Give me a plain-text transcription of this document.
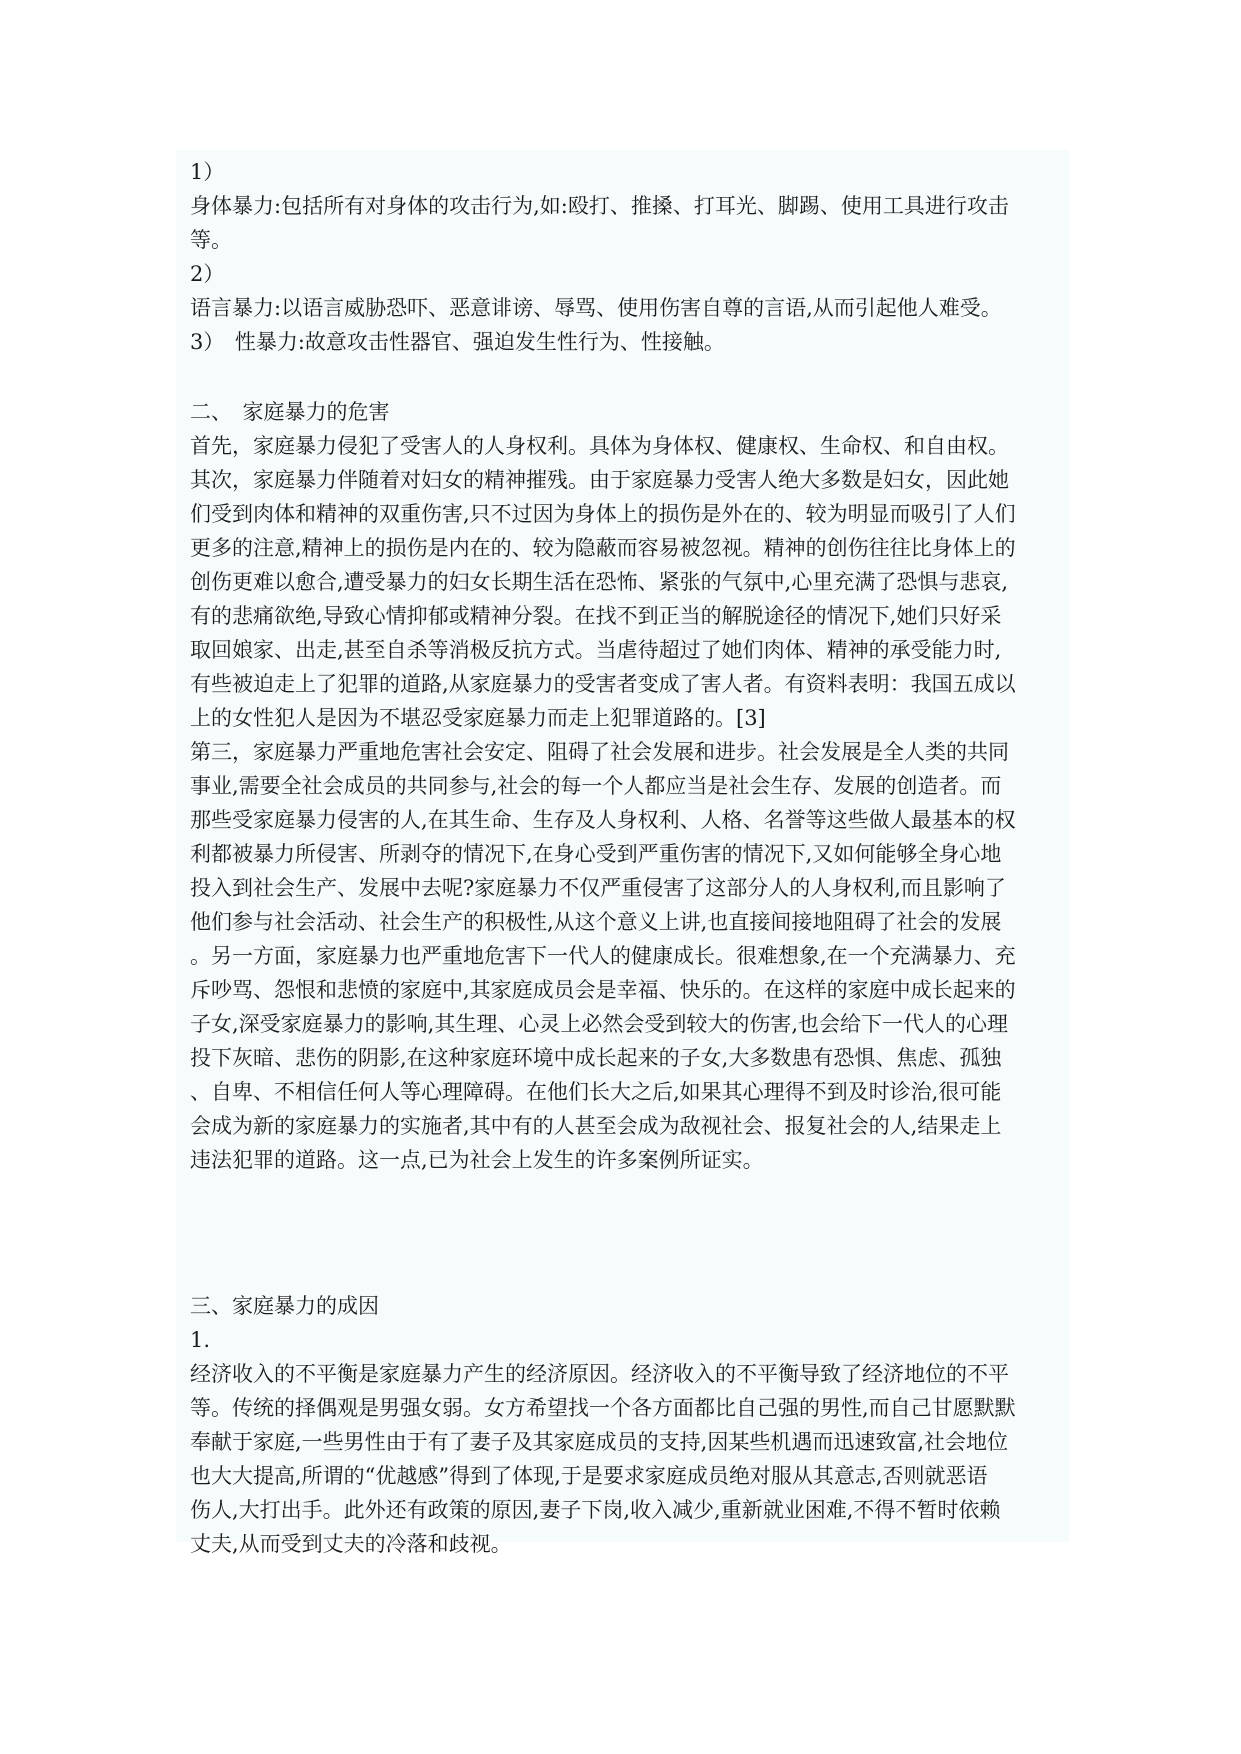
1）
身体暴力:包括所有对身体的攻击行为,如:殴打、推搡、打耳光、脚踢、使用工具进行攻击
等。
2）
语言暴力:以语言威胁恐吓、恶意诽谤、辱骂、使用伤害自尊的言语,从而引起他人难受。
3）　性暴力:故意攻击性器官、强迫发生性行为、性接触。
二、　家庭暴力的危害
首先，家庭暴力侵犯了受害人的人身权利。具体为身体权、健康权、生命权、和自由权。
其次，家庭暴力伴随着对妇女的精神摧残。由于家庭暴力受害人绝大多数是妇女，因此她
们受到肉体和精神的双重伤害,只不过因为身体上的损伤是外在的、较为明显而吸引了人们
更多的注意,精神上的损伤是内在的、较为隐蔽而容易被忽视。精神的创伤往往比身体上的
创伤更难以愈合,遭受暴力的妇女长期生活在恐怖、紧张的气氛中,心里充满了恐惧与悲哀,
有的悲痛欲绝,导致心情抑郁或精神分裂。在找不到正当的解脱途径的情况下,她们只好采
取回娘家、出走,甚至自杀等消极反抗方式。当虐待超过了她们肉体、精神的承受能力时,
有些被迫走上了犯罪的道路,从家庭暴力的受害者变成了害人者。有资料表明：我国五成以
上的女性犯人是因为不堪忍受家庭暴力而走上犯罪道路的。[3]
第三，家庭暴力严重地危害社会安定、阻碍了社会发展和进步。社会发展是全人类的共同
事业,需要全社会成员的共同参与,社会的每一个人都应当是社会生存、发展的创造者。而
那些受家庭暴力侵害的人,在其生命、生存及人身权利、人格、名誉等这些做人最基本的权
利都被暴力所侵害、所剥夺的情况下,在身心受到严重伤害的情况下,又如何能够全身心地
投入到社会生产、发展中去呢?家庭暴力不仅严重侵害了这部分人的人身权利,而且影响了
他们参与社会活动、社会生产的积极性,从这个意义上讲,也直接间接地阻碍了社会的发展
。另一方面，家庭暴力也严重地危害下一代人的健康成长。很难想象,在一个充满暴力、充
斥吵骂、怨恨和悲愤的家庭中,其家庭成员会是幸福、快乐的。在这样的家庭中成长起来的
子女,深受家庭暴力的影响,其生理、心灵上必然会受到较大的伤害,也会给下一代人的心理
投下灰暗、悲伤的阴影,在这种家庭环境中成长起来的子女,大多数患有恐惧、焦虑、孤独
、自卑、不相信任何人等心理障碍。在他们长大之后,如果其心理得不到及时诊治,很可能
会成为新的家庭暴力的实施者,其中有的人甚至会成为敌视社会、报复社会的人,结果走上
违法犯罪的道路。这一点,已为社会上发生的许多案例所证实。
三、家庭暴力的成因
1.
经济收入的不平衡是家庭暴力产生的经济原因。经济收入的不平衡导致了经济地位的不平
等。传统的择偶观是男强女弱。女方希望找一个各方面都比自己强的男性,而自己甘愿默默
奉献于家庭,一些男性由于有了妻子及其家庭成员的支持,因某些机遇而迅速致富,社会地位
也大大提高,所谓的“优越感”得到了体现,于是要求家庭成员绝对服从其意志,否则就恶语
伤人,大打出手。此外还有政策的原因,妻子下岗,收入减少,重新就业困难,不得不暂时依赖
丈夫,从而受到丈夫的冷落和歧视。
